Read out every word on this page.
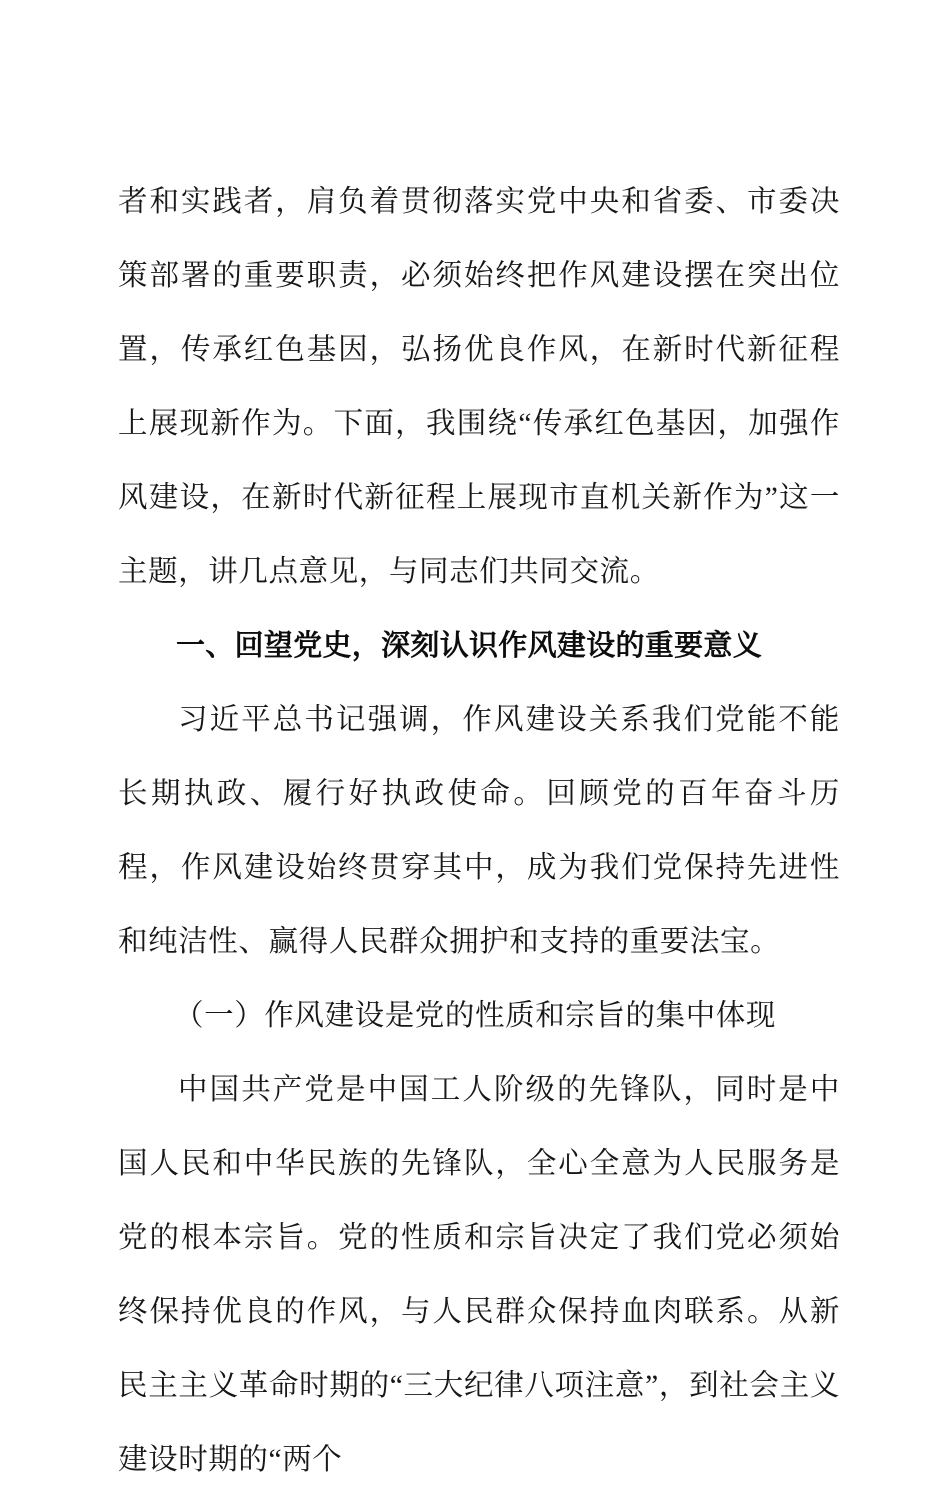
者和实践者，肩负着贯彻落实党中央和省委、市委决策部署的重要职责，必须始终把作风建设摆在突出位置，传承红色基因，弘扬优良作风，在新时代新征程上展现新作为。下面，我围绕“传承红色基因，加强作风建设，在新时代新征程上展现市直机关新作为”这一主题，讲几点意见，与同志们共同交流。

一、回望党史，深刻认识作风建设的重要意义

习近平总书记强调，作风建设关系我们党能不能长期执政、履行好执政使命。回顾党的百年奋斗历程，作风建设始终贯穿其中，成为我们党保持先进性和纯洁性、赢得人民群众拥护和支持的重要法宝。

（一）作风建设是党的性质和宗旨的集中体现

中国共产党是中国工人阶级的先锋队，同时是中国人民和中华民族的先锋队，全心全意为人民服务是党的根本宗旨。党的性质和宗旨决定了我们党必须始终保持优良的作风，与人民群众保持血肉联系。从新民主主义革命时期的“三大纪律八项注意”，到社会主义建设时期的“两个
